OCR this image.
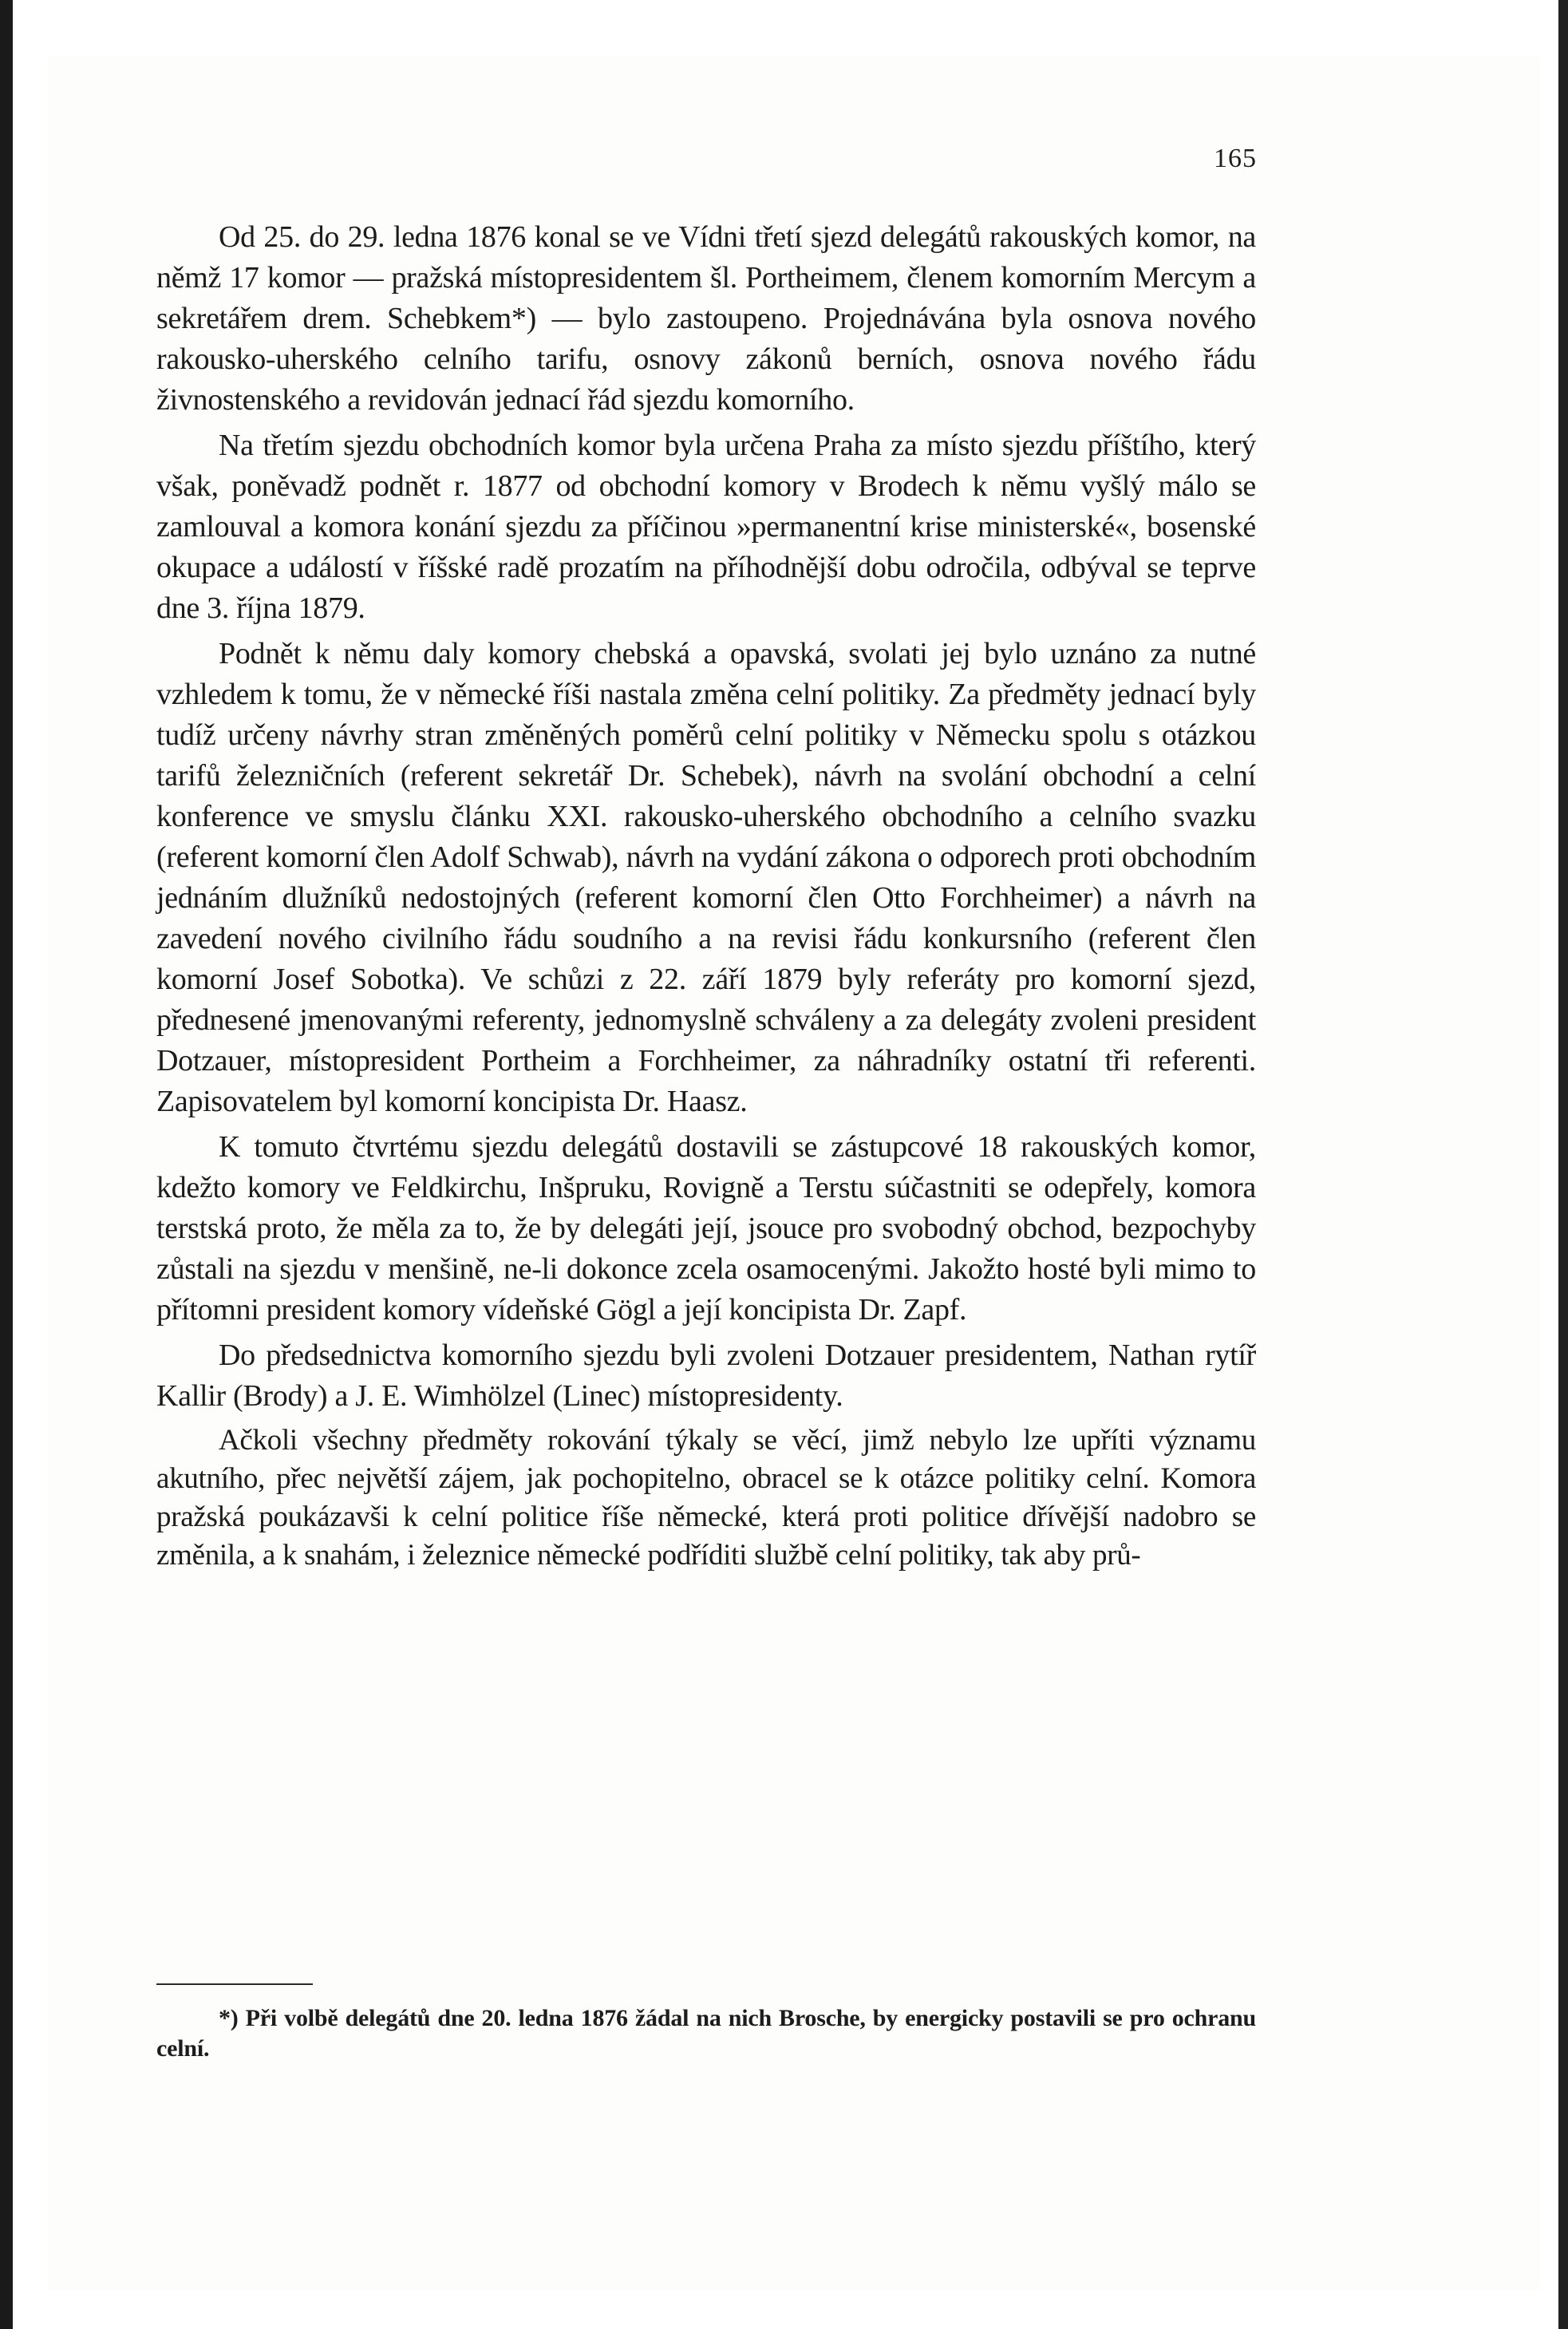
165

Od 25. do 29. ledna 1876 konal se ve Vídni třetí sjezd delegátů rakouských komor, na němž 17 komor — pražská místopresidentem šl. Portheimem, členem komorním Mercym a sekretářem drem. Schebkem*) — bylo zastoupeno. Projednávána byla osnova nového rakousko-uherského celního tarifu, osnovy zákonů berních, osnova nového řádu živnostenského a revidován jednací řád sjezdu komorního.

Na třetím sjezdu obchodních komor byla určena Praha za místo sjezdu příštího, který však, poněvadž podnět r. 1877 od obchodní komory v Brodech k němu vyšlý málo se zamlouval a komora konání sjezdu za příčinou »permanentní krise ministerské«, bosenské okupace a událostí v říšské radě prozatím na příhodnější dobu odročila, odbýval se teprve dne 3. října 1879.

Podnět k němu daly komory chebská a opavská, svolati jej bylo uznáno za nutné vzhledem k tomu, že v německé říši nastala změna celní politiky. Za předměty jednací byly tudíž určeny návrhy stran změněných poměrů celní politiky v Německu spolu s otázkou tarifů železničních (referent sekretář Dr. Schebek), návrh na svolání obchodní a celní konference ve smyslu článku XXI. rakousko-uherského obchodního a celního svazku (referent komorní člen Adolf Schwab), návrh na vydání zákona o odporech proti obchodním jednáním dlužníků nedostojných (referent komorní člen Otto Forchheimer) a návrh na zavedení nového civilního řádu soudního a na revisi řádu konkursního (referent člen komorní Josef Sobotka). Ve schůzi z 22. září 1879 byly referáty pro komorní sjezd, přednesené jmenovanými referenty, jednomyslně schváleny a za delegáty zvoleni president Dotzauer, místopresident Portheim a Forchheimer, za náhradníky ostatní tři referenti. Zapisovatelem byl komorní koncipista Dr. Haasz.

K tomuto čtvrtému sjezdu delegátů dostavili se zástupcové 18 rakouských komor, kdežto komory ve Feldkirchu, Inšpruku, Rovigně a Terstu súčastniti se odepřely, komora terstská proto, že měla za to, že by delegáti její, jsouce pro svobodný obchod, bezpochyby zůstali na sjezdu v menšině, ne-li dokonce zcela osamocenými. Jakožto hosté byli mimo to přítomni president komory vídeňské Gögl a její koncipista Dr. Zapf.

Do předsednictva komorního sjezdu byli zvoleni Dotzauer presidentem, Nathan rytíř Kallir (Brody) a J. E. Wimhölzel (Linec) místopresidenty.

Ačkoli všechny předměty rokování týkaly se věcí, jimž nebylo lze upříti významu akutního, přec největší zájem, jak pochopitelno, obracel se k otázce politiky celní. Komora pražská poukázavši k celní politice říše německé, která proti politice dřívější nadobro se změnila, a k snahám, i železnice německé podříditi službě celní politiky, tak aby prů-

*) Při volbě delegátů dne 20. ledna 1876 žádal na nich Brosche, by energicky postavili se pro ochranu celní.
